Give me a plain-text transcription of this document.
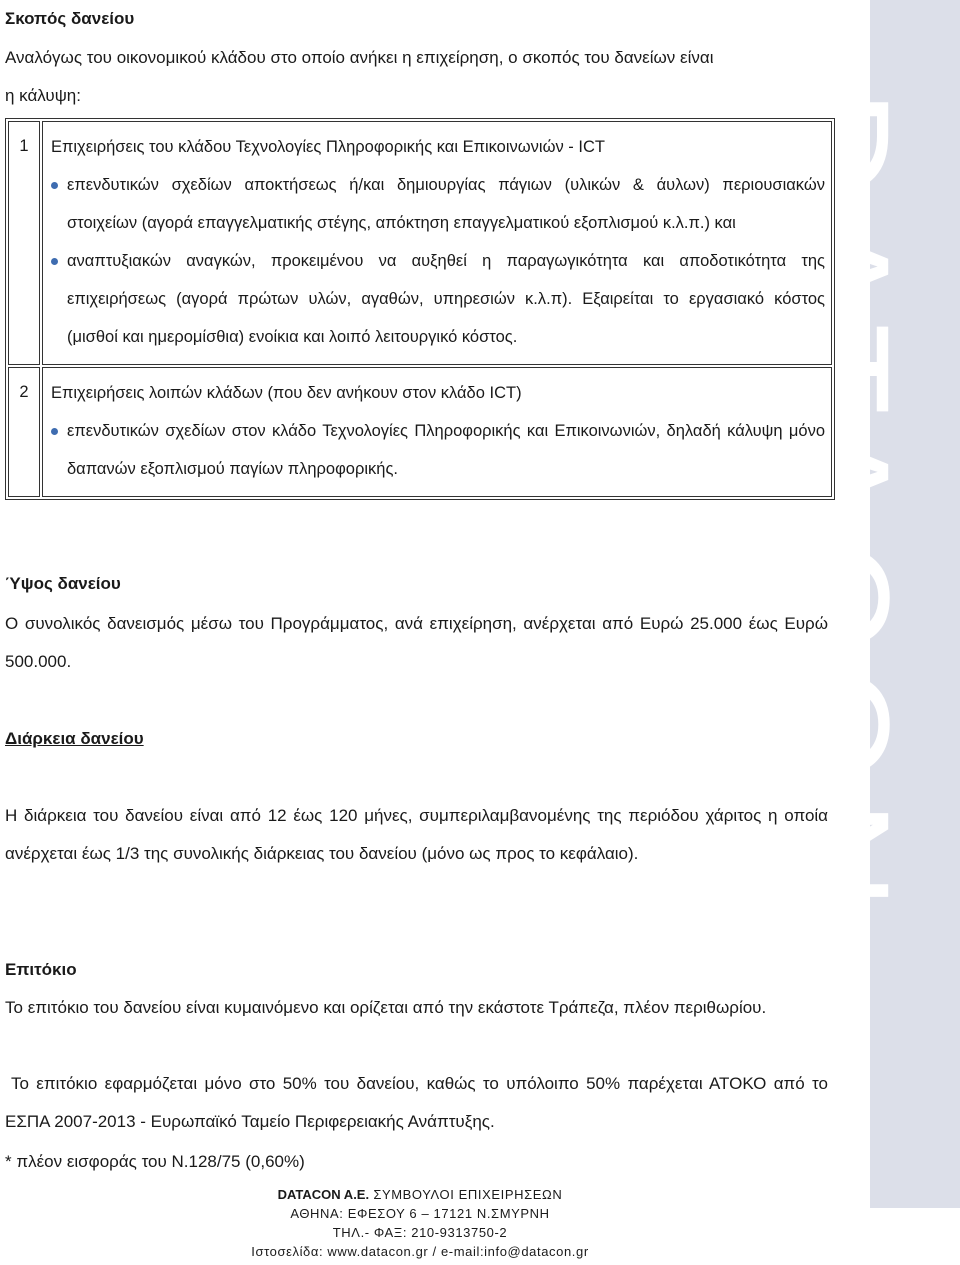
DATACON
Σκοπός δανείου
Αναλόγως του οικονομικού κλάδου στο οποίο ανήκει η επιχείρηση, ο σκοπός του δανείων είναι
η κάλυψη:
1	Επιχειρήσεις του κλάδου Τεχνολογίες Πληροφορικής και Επικοινωνιών - ICT
επενδυτικών σχεδίων αποκτήσεως ή/και δημιουργίας πάγιων (υλικών & άυλων) περιουσιακών στοιχείων (αγορά επαγγελματικής στέγης, απόκτηση επαγγελματικού εξοπλισμού κ.λ.π.) και
αναπτυξιακών αναγκών, προκειμένου να αυξηθεί η παραγωγικότητα και αποδοτικότητα της επιχειρήσεως (αγορά πρώτων υλών, αγαθών, υπηρεσιών κ.λ.π). Εξαιρείται το εργασιακό κόστος (μισθοί και ημερομίσθια) ενοίκια και λοιπό λειτουργικό κόστος.

2	Επιχειρήσεις λοιπών κλάδων (που δεν ανήκουν στον κλάδο ICT)
επενδυτικών σχεδίων στον κλάδο Τεχνολογίες Πληροφορικής και Επικοινωνιών, δηλαδή κάλυψη μόνο δαπανών εξοπλισμού παγίων πληροφορικής.
Ύψος δανείου
Ο συνολικός δανεισμός μέσω του Προγράμματος, ανά επιχείρηση, ανέρχεται από Ευρώ 25.000 έως Ευρώ 500.000.
Διάρκεια δανείου
Η διάρκεια του δανείου είναι από 12 έως 120 μήνες, συμπεριλαμβανομένης της περιόδου χάριτος η οποία ανέρχεται έως 1/3 της συνολικής διάρκειας του δανείου (μόνο ως προς το κεφάλαιο).
Επιτόκιο
Το επιτόκιο του δανείου είναι κυμαινόμενο και ορίζεται από την εκάστοτε Τράπεζα, πλέον περιθωρίου.
Το επιτόκιο εφαρμόζεται μόνο στο 50% του δανείου, καθώς το υπόλοιπο 50% παρέχεται ΑΤΟΚΟ από το ΕΣΠΑ 2007-2013 - Ευρωπαϊκό Ταμείο Περιφερειακής Ανάπτυξης.
* πλέον εισφοράς του Ν.128/75 (0,60%)
DATACON A.E. ΣΥΜΒΟΥΛΟΙ ΕΠΙΧΕΙΡΗΣΕΩΝ
ΑΘΗΝΑ: ΕΦΕΣΟΥ 6 – 17121 Ν.ΣΜΥΡΝΗ
ΤΗΛ.- ΦΑΞ: 210-9313750-2
Ιστοσελίδα: www.datacon.gr / e-mail:info@datacon.gr
